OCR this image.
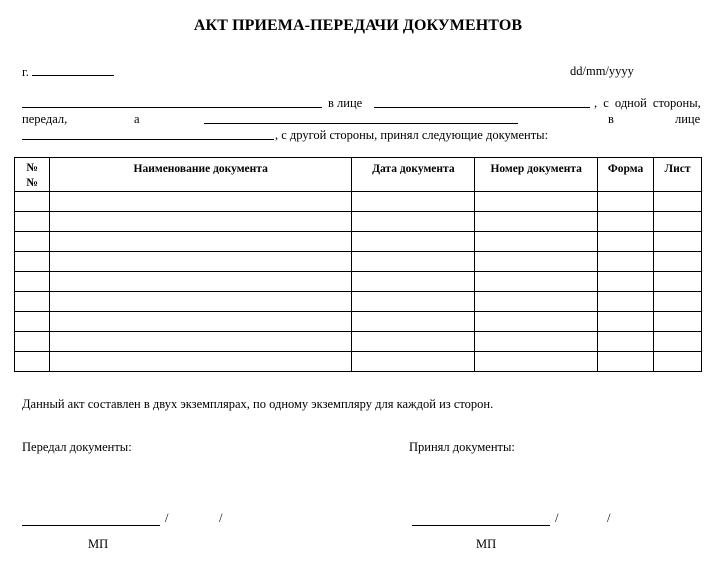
АКТ ПРИЕМА-ПЕРЕДАЧИ ДОКУМЕНТОВ
г.	dd/mm/yyyy
в лице	, с одной стороны,
передал,	а	в	лице
, с другой стороны, принял следующие документы:
№ №	Наименование документа	Дата документа	Номер документа	Форма	Лист

Данный акт составлен в двух экземплярах, по одному экземпляру для каждой из сторон.
Передал документы:	Принял документы:
/	/	/	/
МП	МП
